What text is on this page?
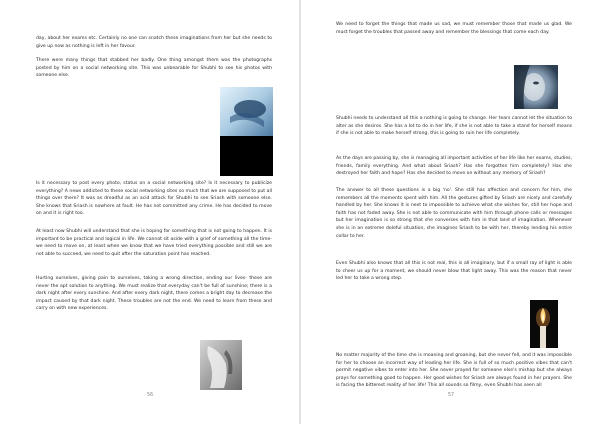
day, about her exams etc. Certainly no one can snatch these imaginations from her but she needs to give up now as nothing is left in her favour.

There were many things that stabbed her badly. One thing amongst them was the photographs posted by him on a social networking site. This was unbearable for Shubhi to see his photos with someone else.

Is it necessary to post every photo, status on a social networking site? Is it necessary to publicize everything? A news addicted to these social networking sites so much that we are supposed to put all things over there? It was as dreadful as an acid attack for Shubhi to see Sriash with someone else. She knows that Sriash is nowhere at fault. He has not committed any crime. He has decided to move on and it is right too.

At least now Shubhi will understand that she is hoping for something that is not going to happen. It is important to be practical and logical in life. We cannot sit aside with a grief of something all the time- we need to move on, at least when we know that we have tried everything possible and still we are not able to succeed, we need to quit after the saturation point has reached.

Hurting ourselves, giving pain to ourselves, taking a wrong direction, ending our lives- these are never the apt solution to anything. We must realize that everyday can't be full of sunshine; there is a dark night after every sunshine. And after every dark night, there comes a bright day to decrease the impact caused by that dark night. These troubles are not the end. We need to learn from these and carry on with new experiences.

56

We need to forget the things that made us sad, we must remember those that made us glad. We must forget the troubles that passed away and remember the blessings that come each day.

Shubhi needs to understand all this a nothing is going to change. Her tears cannot let the situation to alter as she desires. She has a lot to do in her life, if she is not able to take a stand for herself means if she is not able to make herself strong, this is going to ruin her life completely.

As the days are passing by, she is managing all important activities of her life like her exams, studies, friends, family everything. And what about Sriash? Has she forgotten him completely? Has she destroyed her faith and hope? Has she decided to move on without any memory of Sriash?

The answer to all these questions is a big 'no'. She still has affection and concern for him, she remembers all the moments spent with him. All the gestures gifted by Sriash are nicely and carefully handled by her. She knows it is next to impossible to achieve what she wishes for, still her hope and faith has not faded away. She is not able to communicate with him through phone calls or messages but her imagination is so strong that she converses with him in that land of imagination. Whenever she is in an extreme doleful situation, she imagines Sriash to be with her, thereby lending his entire collar to her.

Even Shubhi also knows that all this is not real, this is all imaginary, but if a small ray of light is able to cheer us up for a moment, we should never blow that light away. This was the reason that never led her to take a wrong step.

No matter majority of the time she is moaning and groaning, but she never fell, and it was impossible for her to choose an incorrect way of leading her life. She is full of so much positive vibes that can't permit negative vibes to enter into her. She never prayed for someone else's mishap but she always prays for something good to happen. Her good wishes for Sriash are always found in her prayers. She is facing the bitterest reality of her life! This all sounds so filmy, even Shubhi has seen all

57
